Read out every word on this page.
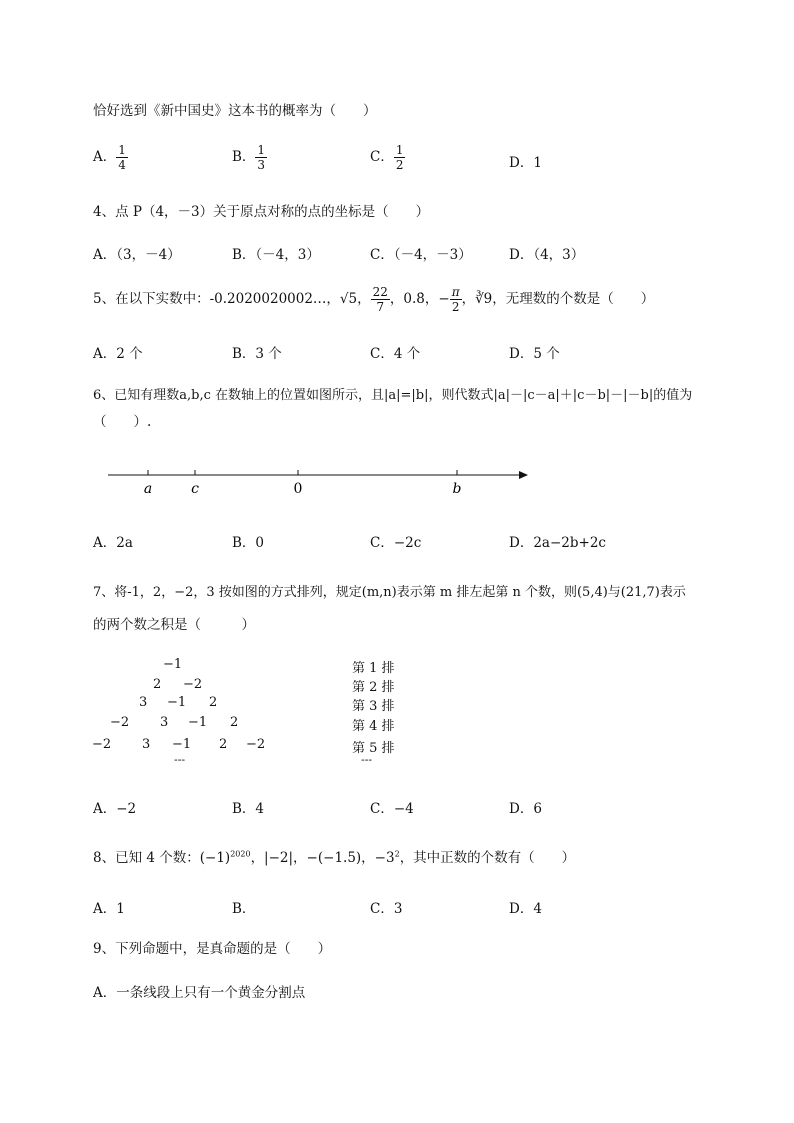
恰好选到《新中国史》这本书的概率为（　　）
A． $\frac{1}{4}$	B． $\frac{1}{3}$	C． $\frac{1}{2}$	D．1
4、点 P（4，－3）关于原点对称的点的坐标是（　　）
A．（3，－4）	B．（－4，3）	C．（－4，－3）	D．（4，3）
5、在以下实数中：-0.2020020002…，√5， $\frac{22}{7}$ ，0.8̇，− $\frac{\pi}{2}$ ，∛9，无理数的个数是（　　）
A．2 个	B．3 个	C．4 个	D．5 个
6、已知有理数a,b,c 在数轴上的位置如图所示，且|a|=|b|，则代数式|a|－|c－a|＋|c－b|－|－b|的值为
（　　）.
a	c	0	b
A．2a	B．0	C．−2c	D．2a−2b+2c
7、将-1，2，−2，3 按如图的方式排列，规定(m,n)表示第 m 排左起第 n 个数，则(5,4)与(21,7)表示
的两个数之积是（　　　）
−1
2 −2
3 −1 2
−2 3 −1 2
−2 3 −1 2 −2
---
第 1 排
第 2 排
第 3 排
第 4 排
第 5 排
---
A．−2	B．4	C．−4	D．6
8、已知 4 个数：$(-1)^{2020}$，|−2|，−(−1.5)，$-3^2$，其中正数的个数有（　　）
A．1	B．	C．3	D．4
9、下列命题中，是真命题的是（　　）
A．一条线段上只有一个黄金分割点
